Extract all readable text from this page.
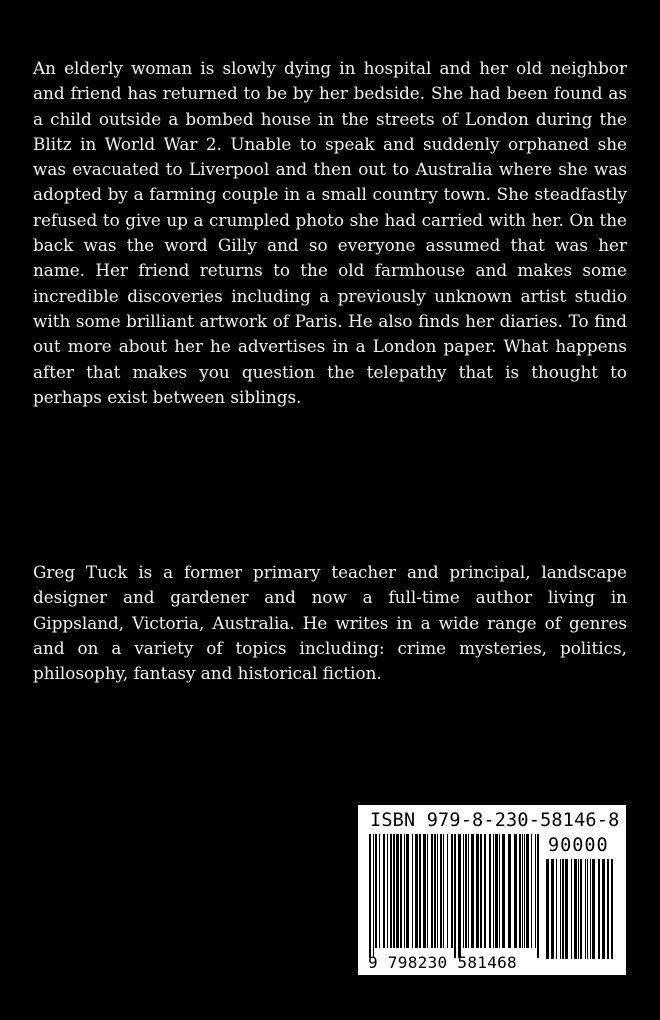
An elderly woman is slowly dying in hospital and her old neighbor and friend has returned to be by her bedside. She had been found as a child outside a bombed house in the streets of London during the Blitz in World War 2. Unable to speak and suddenly orphaned she was evacuated to Liverpool and then out to Australia where she was adopted by a farming couple in a small country town. She steadfastly refused to give up a crumpled photo she had carried with her. On the back was the word Gilly and so everyone assumed that was her name. Her friend returns to the old farmhouse and makes some incredible discoveries including a previously unknown artist studio with some brilliant artwork of Paris. He also finds her diaries. To find out more about her he advertises in a London paper. What happens after that makes you question the telepathy that is thought to perhaps exist between siblings.

Greg Tuck is a former primary teacher and principal, landscape designer and gardener and now a full-time author living in Gippsland, Victoria, Australia. He writes in a wide range of genres and on a variety of topics including: crime mysteries, politics, philosophy, fantasy and historical fiction.

ISBN 979-8-230-58146-8
90000
9 798230 581468
